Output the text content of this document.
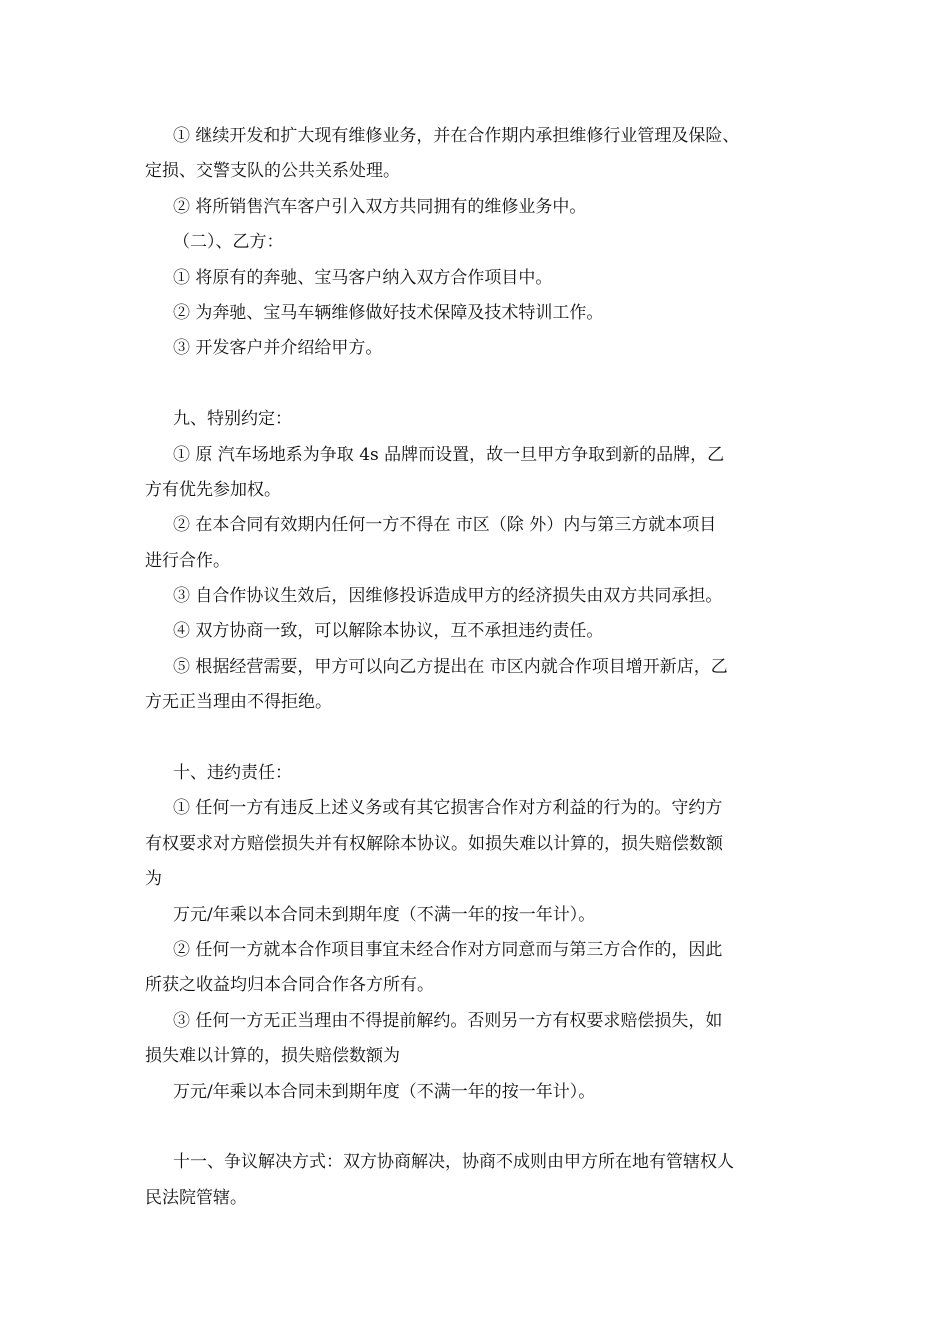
① 继续开发和扩大现有维修业务，并在合作期内承担维修行业管理及保险、
定损、交警支队的公共关系处理。
② 将所销售汽车客户引入双方共同拥有的维修业务中。
（二）、乙方：
① 将原有的奔驰、宝马客户纳入双方合作项目中。
② 为奔驰、宝马车辆维修做好技术保障及技术特训工作。
③ 开发客户并介绍给甲方。
九、特别约定：
① 原 汽车场地系为争取 4s 品牌而设置，故一旦甲方争取到新的品牌，乙
方有优先参加权。
② 在本合同有效期内任何一方不得在 市区（除 外）内与第三方就本项目
进行合作。
③ 自合作协议生效后，因维修投诉造成甲方的经济损失由双方共同承担。
④ 双方协商一致，可以解除本协议，互不承担违约责任。
⑤ 根据经营需要，甲方可以向乙方提出在 市区内就合作项目增开新店，乙
方无正当理由不得拒绝。
十、违约责任：
① 任何一方有违反上述义务或有其它损害合作对方利益的行为的。守约方
有权要求对方赔偿损失并有权解除本协议。如损失难以计算的，损失赔偿数额
为
万元/年乘以本合同未到期年度（不满一年的按一年计）。
② 任何一方就本合作项目事宜未经合作对方同意而与第三方合作的，因此
所获之收益均归本合同合作各方所有。
③ 任何一方无正当理由不得提前解约。否则另一方有权要求赔偿损失，如
损失难以计算的，损失赔偿数额为
万元/年乘以本合同未到期年度（不满一年的按一年计）。
十一、争议解决方式：双方协商解决，协商不成则由甲方所在地有管辖权人
民法院管辖。
